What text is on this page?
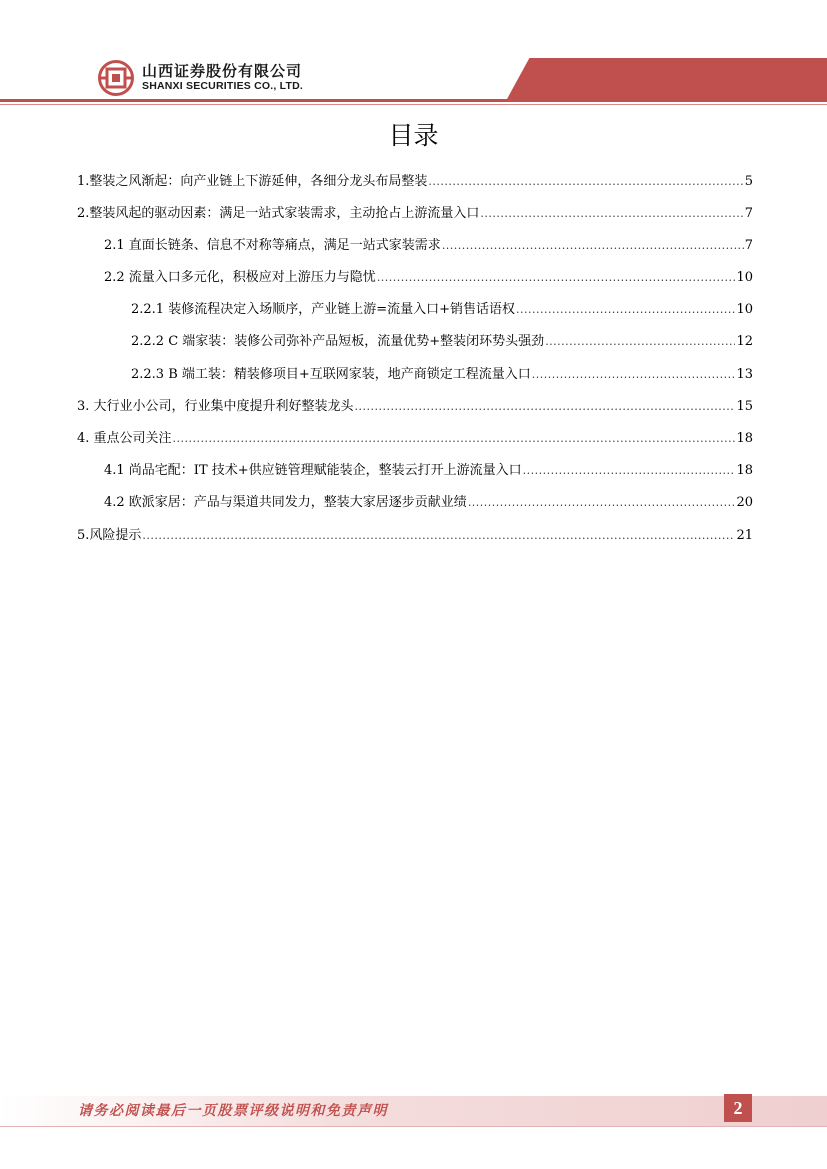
山西证券股份有限公司
SHANXI SECURITIES CO., LTD.
行业研究/行业深度
目录
1.整装之风渐起：向产业链上下游延伸，各细分龙头布局整装 .....	5
2.整装风起的驱动因素：满足一站式家装需求，主动抢占上游流量入口 .....	7
2.1 直面长链条、信息不对称等痛点，满足一站式家装需求 .....	7
2.2 流量入口多元化，积极应对上游压力与隐忧 .....	10
2.2.1 装修流程决定入场顺序，产业链上游=流量入口+销售话语权 .....	10
2.2.2 C 端家装：装修公司弥补产品短板，流量优势+整装闭环势头强劲 .....	12
2.2.3 B 端工装：精装修项目+互联网家装，地产商锁定工程流量入口 .....	13
3. 大行业小公司，行业集中度提升利好整装龙头 .....	15
4. 重点公司关注 .....	18
4.1 尚品宅配：IT 技术+供应链管理赋能装企，整装云打开上游流量入口 .....	18
4.2 欧派家居：产品与渠道共同发力，整装大家居逐步贡献业绩 .....	20
5.风险提示 .....	21
请务必阅读最后一页股票评级说明和免责声明	2
